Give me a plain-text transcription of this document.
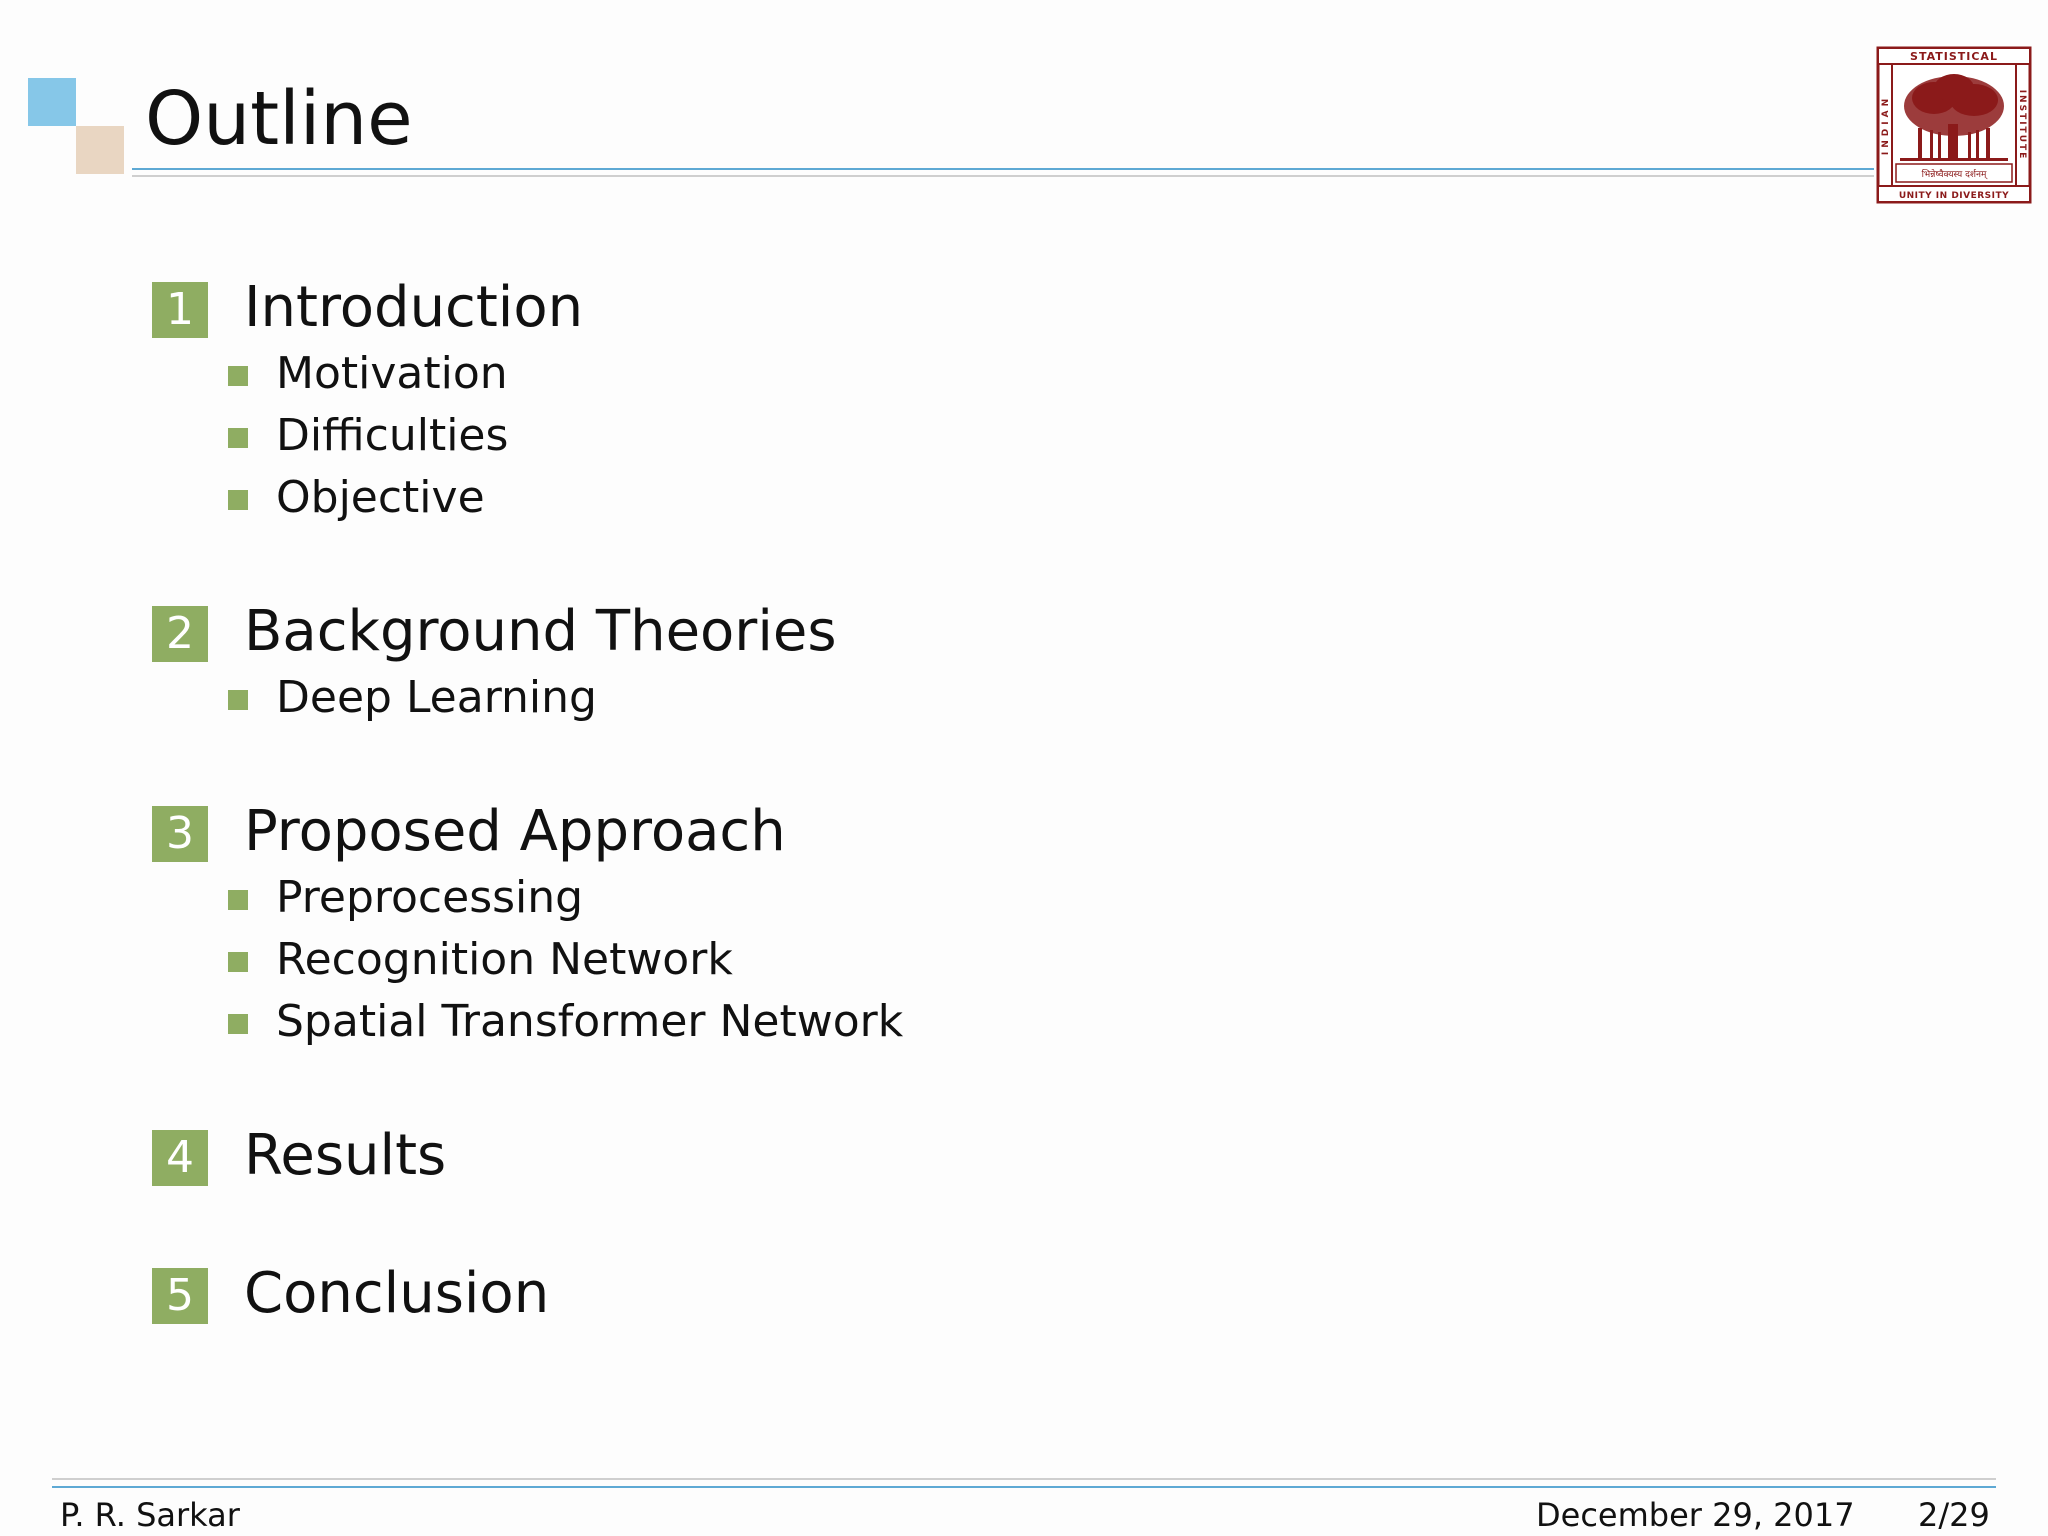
Outline
STATISTICAL
UNITY IN DIVERSITY
INDIAN	INSTITUTE
भिन्नेष्वैक्यस्य दर्शनम्
1 Introduction
Motivation
Difficulties
Objective
2 Background Theories
Deep Learning
3 Proposed Approach
Preprocessing
Recognition Network
Spatial Transformer Network
4 Results
5 Conclusion
P. R. Sarkar	December 29, 2017 2/29
